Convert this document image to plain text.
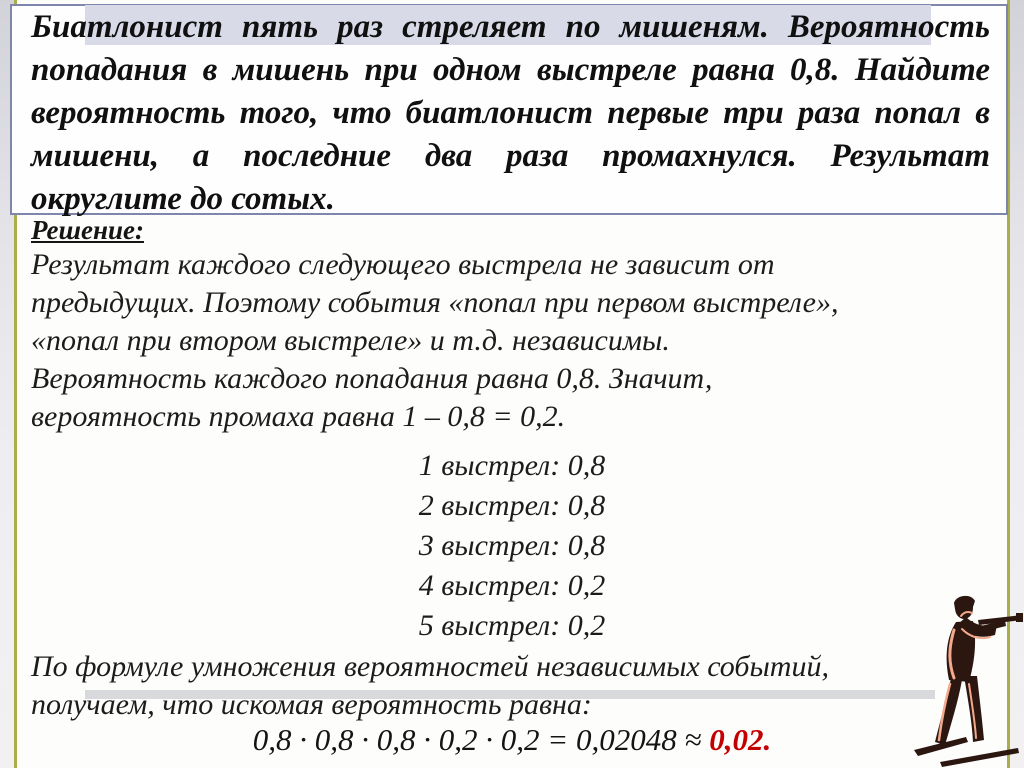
Решение:
Результат каждого следующего выстрела не зависит от
предыдущих. Поэтому события «попал при первом выстреле»,
«попал при втором выстреле» и т.д. независимы.
Вероятность каждого попадания равна 0,8. Значит,
вероятность промаха равна 1 – 0,8 = 0,2.
1 выстрел: 0,8
2 выстрел: 0,8
3 выстрел: 0,8
4 выстрел: 0,2
5 выстрел: 0,2
По формуле умножения вероятностей независимых событий,
получаем, что искомая вероятность равна:
0,8 · 0,8 · 0,8 · 0,2 · 0,2 = 0,02048 ≈ 0,02.
Биатлонист пять раз стреляет по мишеням. Вероятность
попадания в мишень при одном выстреле равна 0,8. Найдите
вероятность того, что биатлонист первые три раза попал в
мишени, а последние два раза промахнулся. Результат
округлите до сотых.
